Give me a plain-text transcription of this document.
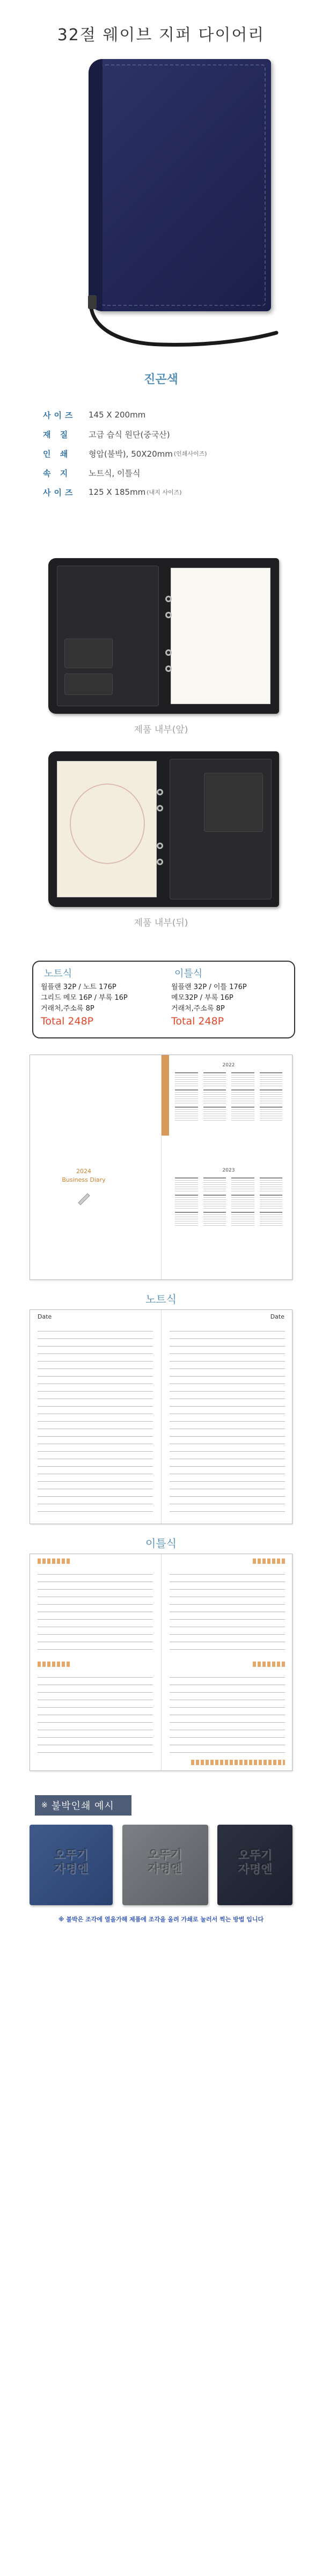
32절 웨이브 지퍼 다이어리
진곤색
사이즈	145 X 200mm
재 질	고급 습식 원단(중국산)
인 쇄	형압(불박), 50X20mm (인쇄사이즈)
속 지	노트식, 이틀식
사이즈	125 X 185mm (내지 사이즈)
제품 내부(앞)
제품 내부(뒤)
노트식
월플랜 32P / 노트 176P
그리드 메모 16P / 부록 16P
거래처,주소록 8P
Total 248P
이틀식
월플랜 32P / 이틀 176P
메모32P / 부록 16P
거래처,주소록 8P
Total 248P
2024
Business Diary
2022
2023
노트식
Date	Date
이틀식
※ 불박인쇄 예시
오뚜기
자명엔
오뚜기
자명엔
오뚜기
자명엔
※ 불박은 조각에 열을가해 제품에 조각을 올려 가쇄로 눌러서 찍는 방법 입니다
